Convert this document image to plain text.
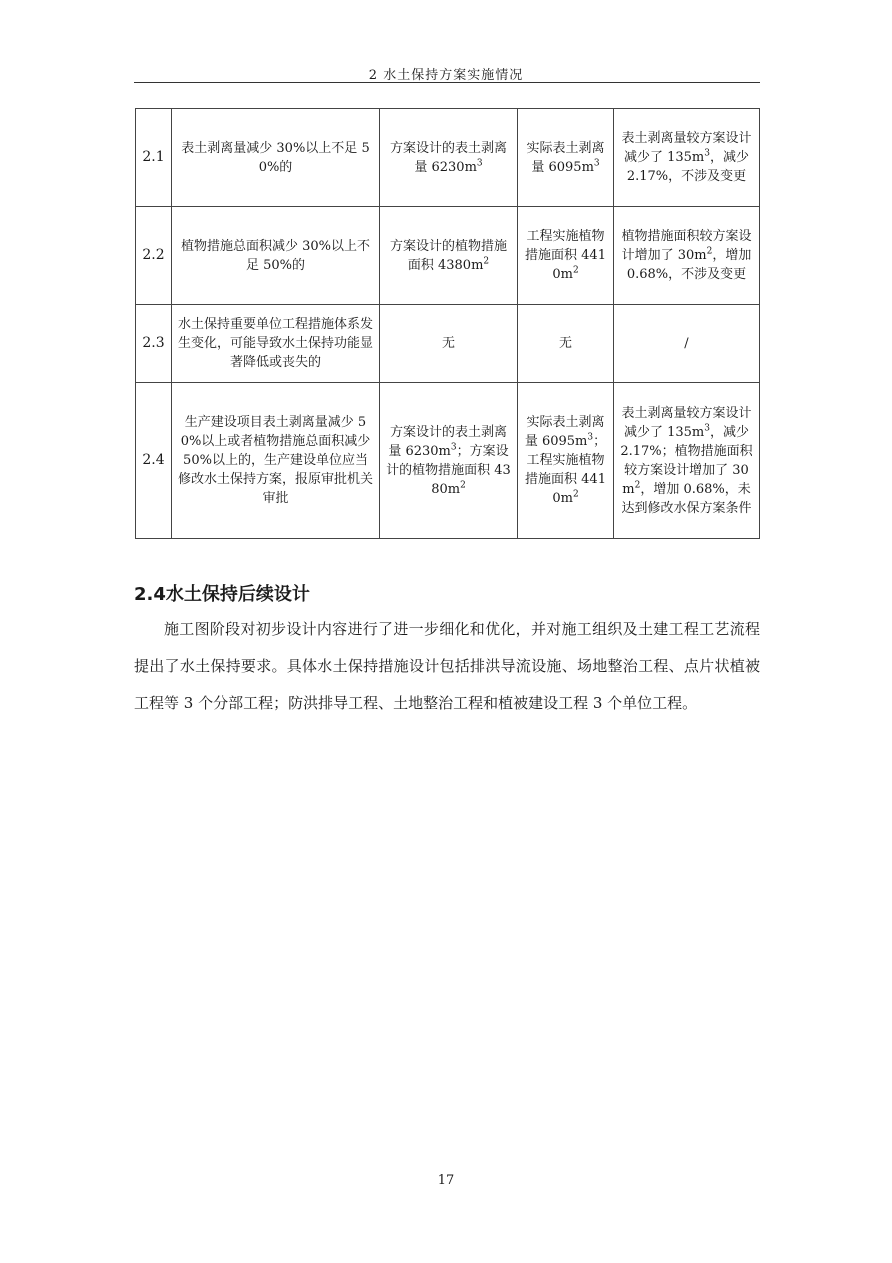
2 水土保持方案实施情况
2.1	表土剥离量减少 30%以上不足 50%的	方案设计的表土剥离量 $6230m^3$	实际表土剥离量 $6095m^3$	表土剥离量较方案设计减少了 $135m^3$，减少 2.17%，不涉及变更
2.2	植物措施总面积减少 30%以上不足 50%的	方案设计的植物措施面积 $4380m^2$	工程实施植物措施面积 $4410m^2$	植物措施面积较方案设计增加了 $30m^2$，增加 0.68%，不涉及变更
2.3	水土保持重要单位工程措施体系发生变化，可能导致水土保持功能显著降低或丧失的	无	无	/
2.4	生产建设项目表土剥离量减少 50%以上或者植物措施总面积减少 50%以上的，生产建设单位应当修改水土保持方案，报原审批机关审批	方案设计的表土剥离量 $6230m^3$；方案设计的植物措施面积 $4380m^2$	实际表土剥离量 $6095m^3$；工程实施植物措施面积 $4410m^2$	表土剥离量较方案设计减少了 $135m^3$，减少 2.17%；植物措施面积较方案设计增加了 $30m^2$，增加 0.68%，未达到修改水保方案条件
2.4水土保持后续设计

施工图阶段对初步设计内容进行了进一步细化和优化，并对施工组织及土建工程工艺流程提出了水土保持要求。具体水土保持措施设计包括排洪导流设施、场地整治工程、点片状植被工程等 3 个分部工程；防洪排导工程、土地整治工程和植被建设工程 3 个单位工程。

17
